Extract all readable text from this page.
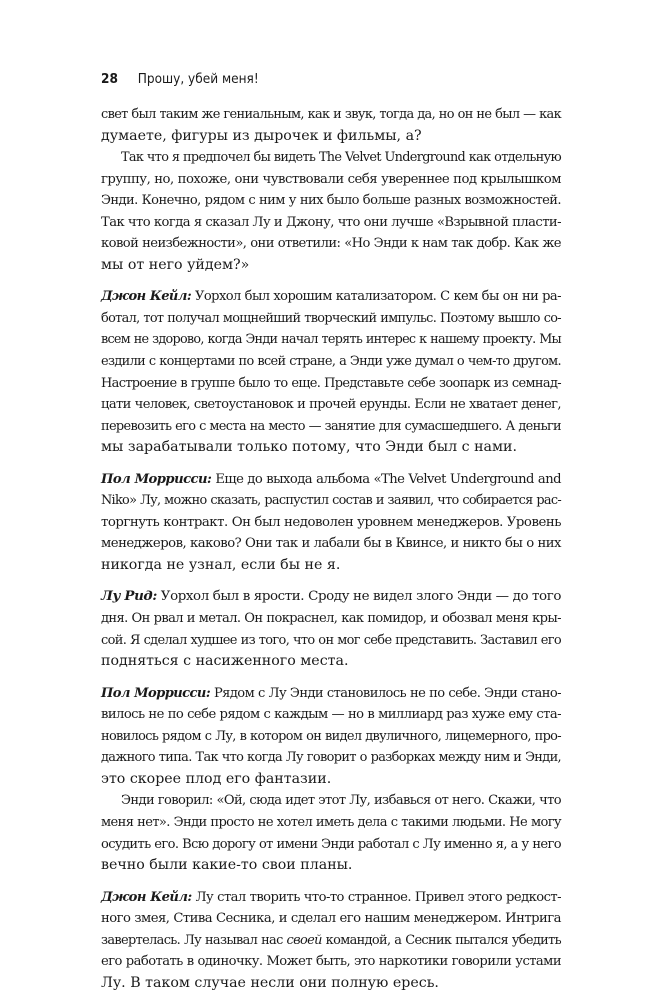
28 Прошу, убей меня!
свет был таким же гениальным, как и звук, тогда да, но он не был — как
думаете, фигуры из дырочек и фильмы, а?
Так что я предпочел бы видеть The Velvet Underground как отдельную
группу, но, похоже, они чувствовали себя увереннее под крылышком
Энди. Конечно, рядом с ним у них было больше разных возможностей.
Так что когда я сказал Лу и Джону, что они лучше «Взрывной пласти-
ковой неизбежности», они ответили: «Но Энди к нам так добр. Как же
мы от него уйдем?»
Джон Кейл: Уорхол был хорошим катализатором. С кем бы он ни ра-
ботал, тот получал мощнейший творческий импульс. Поэтому вышло со-
всем не здорово, когда Энди начал терять интерес к нашему проекту. Мы
ездили с концертами по всей стране, а Энди уже думал о чем-то другом.
Настроение в группе было то еще. Представьте себе зоопарк из семнад-
цати человек, светоустановок и прочей ерунды. Если не хватает денег,
перевозить его с места на место — занятие для сумасшедшего. А деньги
мы зарабатывали только потому, что Энди был с нами.
Пол Моррисси: Еще до выхода альбома «The Velvet Underground and
Niko» Лу, можно сказать, распустил состав и заявил, что собирается рас-
торгнуть контракт. Он был недоволен уровнем менеджеров. Уровень
менеджеров, каково? Они так и лабали бы в Квинсе, и никто бы о них
никогда не узнал, если бы не я.
Лу Рид: Уорхол был в ярости. Сроду не видел злого Энди — до того
дня. Он рвал и метал. Он покраснел, как помидор, и обозвал меня кры-
сой. Я сделал худшее из того, что он мог себе представить. Заставил его
подняться с насиженного места.
Пол Моррисси: Рядом с Лу Энди становилось не по себе. Энди стано-
вилось не по себе рядом с каждым — но в миллиард раз хуже ему ста-
новилось рядом с Лу, в котором он видел двуличного, лицемерного, про-
дажного типа. Так что когда Лу говорит о разборках между ним и Энди,
это скорее плод его фантазии.
Энди говорил: «Ой, сюда идет этот Лу, избавься от него. Скажи, что
меня нет». Энди просто не хотел иметь дела с такими людьми. Не могу
осудить его. Всю дорогу от имени Энди работал с Лу именно я, а у него
вечно были какие-то свои планы.
Джон Кейл: Лу стал творить что-то странное. Привел этого редкост-
ного змея, Стива Сесника, и сделал его нашим менеджером. Интрига
завертелась. Лу называл нас своей командой, а Сесник пытался убедить
его работать в одиночку. Может быть, это наркотики говорили устами
Лу. В таком случае несли они полную ересь.
